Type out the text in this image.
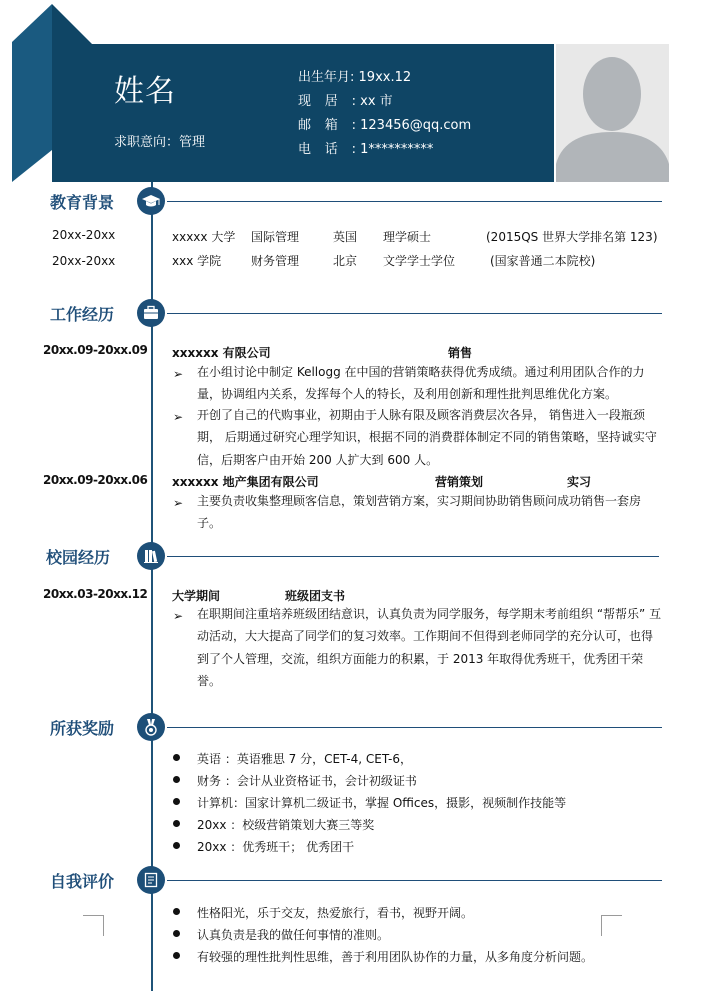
姓名
求职意向：管理
出生年月: 19xx.12
现居: xx 市
邮箱: 123456@qq.com
电话: 1**********
教育背景
20xx-20xx	xxxxx 大学 国际管理	英国 理学硕士	(2015QS 世界大学排名第 123)
20xx-20xx	xxx 学院 财务管理	北京 文学学士学位	(国家普通二本院校)
工作经历
20xx.09-20xx.09 xxxxxx 有限公司	销售
➢ 在小组讨论中制定 Kellogg 在中国的营销策略获得优秀成绩。通过利用团队合作的力量，协调组内关系，发挥每个人的特长，及利用创新和理性批判思维优化方案。
➢ 开创了自己的代购事业，初期由于人脉有限及顾客消费层次各异， 销售进入一段瓶颈期， 后期通过研究心理学知识，根据不同的消费群体制定不同的销售策略，坚持诚实守信，后期客户由开始 200 人扩大到 600 人。
20xx.09-20xx.06 xxxxxx 地产集团有限公司	营销策划	实习
➢ 主要负责收集整理顾客信息，策划营销方案，实习期间协助销售顾问成功销售一套房子。
校园经历
20xx.03-20xx.12 大学期间	班级团支书
➢ 在职期间注重培养班级团结意识，认真负责为同学服务，每学期末考前组织 “帮帮乐” 互动活动，大大提高了同学们的复习效率。工作期间不但得到老师同学的充分认可，也得到了个人管理，交流，组织方面能力的积累，于 2013 年取得优秀班干，优秀团干荣誉。
所获奖励
英语 ：英语雅思 7 分，CET-4, CET-6，
财务 ：会计从业资格证书，会计初级证书
计算机：国家计算机二级证书，掌握 Offices，摄影，视频制作技能等
20xx ：校级营销策划大赛三等奖
20xx ：优秀班干； 优秀团干
自我评价
性格阳光，乐于交友，热爱旅行，看书，视野开阔。
认真负责是我的做任何事情的准则。
有较强的理性批判性思维，善于利用团队协作的力量，从多角度分析问题。
